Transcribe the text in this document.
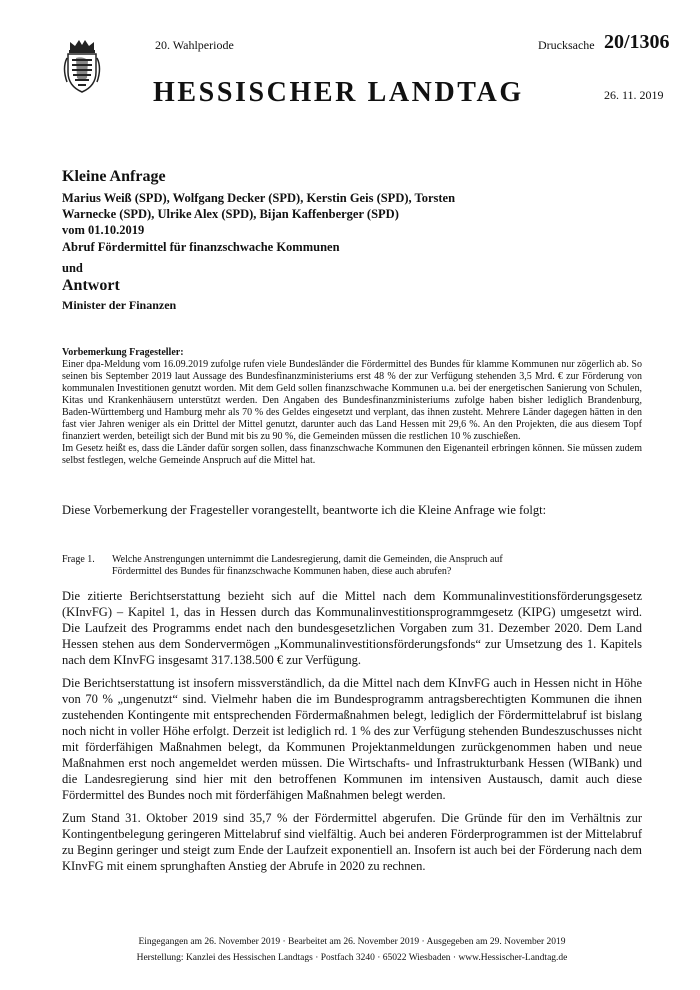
20. Wahlperiode	Drucksache 20/1306
HESSISCHER LANDTAG	26. 11. 2019
Kleine Anfrage
Marius Weiß (SPD), Wolfgang Decker (SPD), Kerstin Geis (SPD), Torsten Warnecke (SPD), Ulrike Alex (SPD), Bijan Kaffenberger (SPD)
vom 01.10.2019
Abruf Fördermittel für finanzschwache Kommunen
und
Antwort
Minister der Finanzen
Vorbemerkung Fragesteller:

Einer dpa-Meldung vom 16.09.2019 zufolge rufen viele Bundesländer die Fördermittel des Bundes für klamme Kommunen nur zögerlich ab. So seinen bis September 2019 laut Aussage des Bundesfinanzministeriums erst 48 % der zur Verfügung stehenden 3,5 Mrd. € zur Förderung von kommunalen Investitionen genutzt worden. Mit dem Geld sollen finanzschwache Kommunen u.a. bei der energetischen Sanierung von Schulen, Kitas und Krankenhäusern unterstützt werden. Den Angaben des Bundesfinanzministeriums zufolge haben bisher lediglich Brandenburg, Baden-Württemberg und Hamburg mehr als 70 % des Geldes eingesetzt und verplant, das ihnen zusteht. Mehrere Länder dagegen hätten in den fast vier Jahren weniger als ein Drittel der Mittel genutzt, darunter auch das Land Hessen mit 29,6 %. An den Projekten, die aus diesem Topf finanziert werden, beteiligt sich der Bund mit bis zu 90 %, die Gemeinden müssen die restlichen 10 % zuschießen.

Im Gesetz heißt es, dass die Länder dafür sorgen sollen, dass finanzschwache Kommunen den Eigenanteil erbringen können. Sie müssen zudem selbst festlegen, welche Gemeinde Anspruch auf die Mittel hat.

Diese Vorbemerkung der Fragesteller vorangestellt, beantworte ich die Kleine Anfrage wie folgt:
Frage 1. Welche Anstrengungen unternimmt die Landesregierung, damit die Gemeinden, die Anspruch auf Fördermittel des Bundes für finanzschwache Kommunen haben, diese auch abrufen?
Die zitierte Berichtserstattung bezieht sich auf die Mittel nach dem Kommunalinvestitionsförderungsgesetz (KInvFG) – Kapitel 1, das in Hessen durch das Kommunalinvestitionsprogrammgesetz (KIPG) umgesetzt wird. Die Laufzeit des Programms endet nach den bundesgesetzlichen Vorgaben zum 31. Dezember 2020. Dem Land Hessen stehen aus dem Sondervermögen „Kommunalinvestitionsförderungsfonds“ zur Umsetzung des 1. Kapitels nach dem KInvFG insgesamt 317.138.500 € zur Verfügung.
Die Berichtserstattung ist insofern missverständlich, da die Mittel nach dem KInvFG auch in Hessen nicht in Höhe von 70 % „ungenutzt“ sind. Vielmehr haben die im Bundesprogramm antragsberechtigten Kommunen die ihnen zustehenden Kontingente mit entsprechenden Fördermaßnahmen belegt, lediglich der Fördermittelabruf ist bislang noch nicht in voller Höhe erfolgt. Derzeit ist lediglich rd. 1 % des zur Verfügung stehenden Bundeszuschusses nicht mit förderfähigen Maßnahmen belegt, da Kommunen Projektanmeldungen zurückgenommen haben und neue Maßnahmen erst noch angemeldet werden müssen. Die Wirtschafts- und Infrastrukturbank Hessen (WIBank) und die Landesregierung sind hier mit den betroffenen Kommunen im intensiven Austausch, damit auch diese Fördermittel des Bundes noch mit förderfähigen Maßnahmen belegt werden.
Zum Stand 31. Oktober 2019 sind 35,7 % der Fördermittel abgerufen. Die Gründe für den im Verhältnis zur Kontingentbelegung geringeren Mittelabruf sind vielfältig. Auch bei anderen Förderprogrammen ist der Mittelabruf zu Beginn geringer und steigt zum Ende der Laufzeit exponentiell an. Insofern ist auch bei der Förderung nach dem KInvFG mit einem sprunghaften Anstieg der Abrufe in 2020 zu rechnen.
Eingegangen am 26. November 2019 · Bearbeitet am 26. November 2019 · Ausgegeben am 29. November 2019
Herstellung: Kanzlei des Hessischen Landtags · Postfach 3240 · 65022 Wiesbaden · www.Hessischer-Landtag.de
